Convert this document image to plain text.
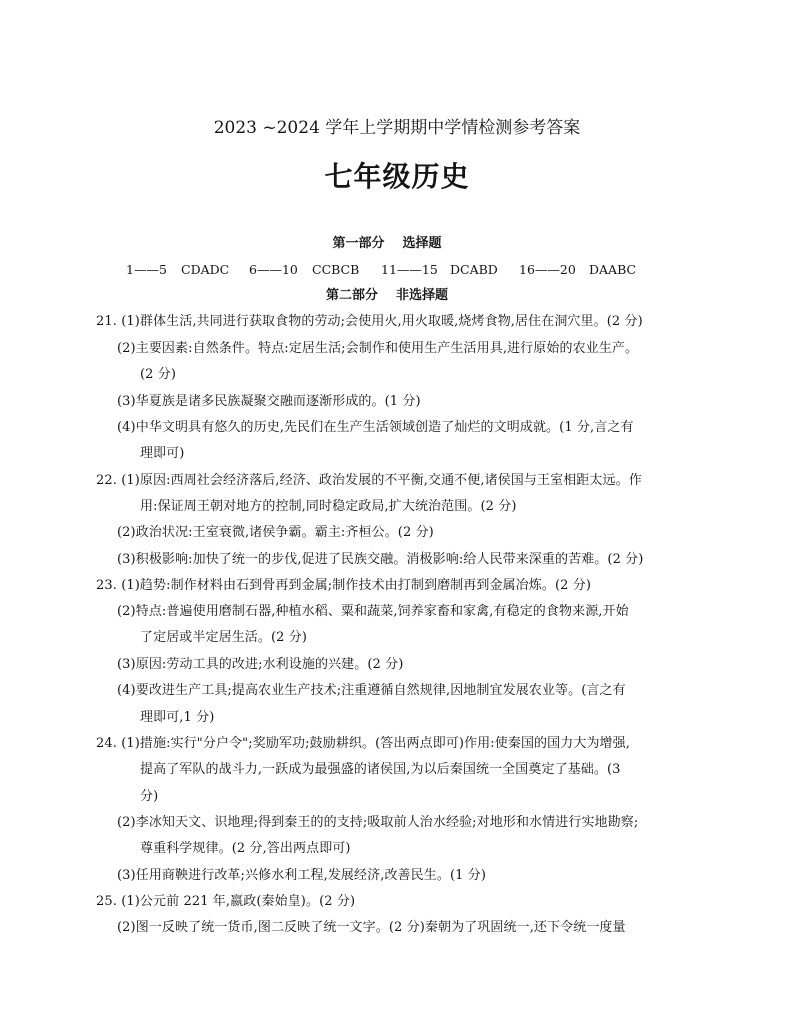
2023 ~2024 学年上学期期中学情检测参考答案
七年级历史
第一部分    选择题
1——5 CDADC 6——10 CCBCB 11——15 DCABD 16——20 DAABC
第二部分    非选择题
21. (1)群体生活,共同进行获取食物的劳动;会使用火,用火取暖,烧烤食物,居住在洞穴里。(2 分)
(2)主要因素:自然条件。特点:定居生活;会制作和使用生产生活用具,进行原始的农业生产。
(2 分)
(3)华夏族是诸多民族凝聚交融而逐渐形成的。(1 分)
(4)中华文明具有悠久的历史,先民们在生产生活领域创造了灿烂的文明成就。(1 分,言之有
理即可)
22. (1)原因:西周社会经济落后,经济、政治发展的不平衡,交通不便,诸侯国与王室相距太远。作
用:保证周王朝对地方的控制,同时稳定政局,扩大统治范围。(2 分)
(2)政治状况:王室衰微,诸侯争霸。霸主:齐桓公。(2 分)
(3)积极影响:加快了统一的步伐,促进了民族交融。消极影响:给人民带来深重的苦难。(2 分)
23. (1)趋势:制作材料由石到骨再到金属;制作技术由打制到磨制再到金属冶炼。(2 分)
(2)特点:普遍使用磨制石器,种植水稻、粟和蔬菜,饲养家畜和家禽,有稳定的食物来源,开始
了定居或半定居生活。(2 分)
(3)原因:劳动工具的改进;水利设施的兴建。(2 分)
(4)要改进生产工具;提高农业生产技术;注重遵循自然规律,因地制宜发展农业等。(言之有
理即可,1 分)
24. (1)措施:实行"分户令";奖励军功;鼓励耕织。(答出两点即可)作用:使秦国的国力大为增强,
提高了军队的战斗力,一跃成为最强盛的诸侯国,为以后秦国统一全国奠定了基础。(3
分)
(2)李冰知天文、识地理;得到秦王的的支持;吸取前人治水经验;对地形和水情进行实地勘察;
尊重科学规律。(2 分,答出两点即可)
(3)任用商鞅进行改革;兴修水利工程,发展经济,改善民生。(1 分)
25. (1)公元前 221 年,嬴政(秦始皇)。(2 分)
(2)图一反映了统一货币,图二反映了统一文字。(2 分)秦朝为了巩固统一,还下令统一度量
